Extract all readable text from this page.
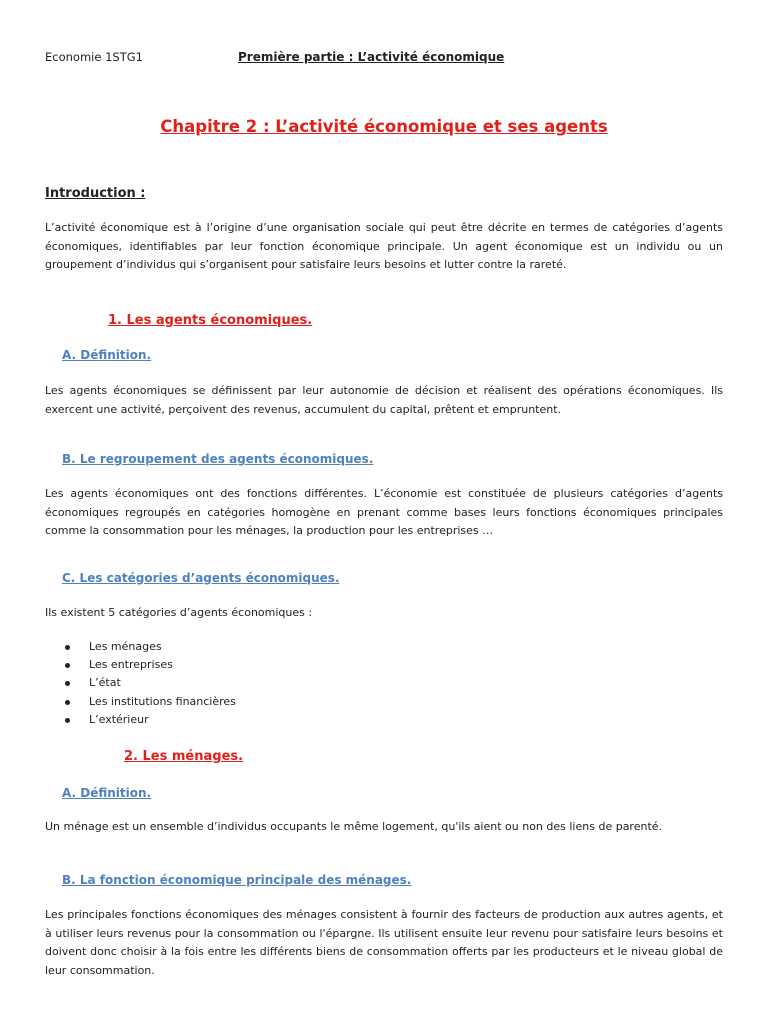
Economie 1STG1	Première partie : L’activité économique
Chapitre 2 : L’activité économique et ses agents
Introduction :

L’activité économique est à l’origine d’une organisation sociale qui peut être décrite en termes de catégories d’agents économiques, identifiables par leur fonction économique principale. Un agent économique est un individu ou un groupement d’individus qui s’organisent pour satisfaire leurs besoins et lutter contre la rareté.

1. Les agents économiques.
A. Définition.

Les agents économiques se définissent par leur autonomie de décision et réalisent des opérations économiques. Ils exercent une activité, perçoivent des revenus, accumulent du capital, prêtent et empruntent.

B. Le regroupement des agents économiques.

Les agents économiques ont des fonctions différentes. L’économie est constituée de plusieurs catégories d’agents économiques regroupés en catégories homogène en prenant comme bases leurs fonctions économiques principales comme la consommation pour les ménages, la production pour les entreprises …

C. Les catégories d’agents économiques.

Ils existent 5 catégories d’agents économiques :

Les ménages
Les entreprises
L’état
Les institutions financières
L’extérieur
2. Les ménages.
A. Définition.

Un ménage est un ensemble d’individus occupants le même logement, qu'ils aient ou non des liens de parenté.

B. La fonction économique principale des ménages.

Les principales fonctions économiques des ménages consistent à fournir des facteurs de production aux autres agents, et à utiliser leurs revenus pour la consommation ou l'épargne. Ils utilisent ensuite leur revenu pour satisfaire leurs besoins et doivent donc choisir à la fois entre les différents biens de consommation offerts par les producteurs et le niveau global de leur consommation.
